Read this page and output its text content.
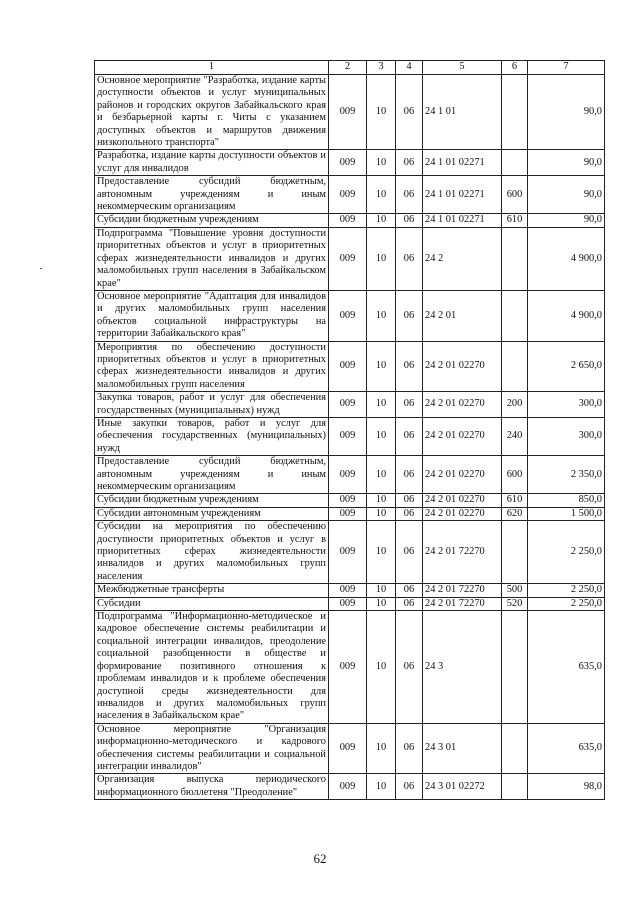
1	2	3	4	5	6	7
Основное мероприятие "Разработка, издание карты доступности объектов и услуг муниципальных районов и городских округов Забайкальского края и безбарьерной карты г. Читы с указанием доступных объектов и маршрутов движения низкопольного транспорта"	009	10	06	24 1 01		90,0
Разработка, издание карты доступности объектов и услуг для инвалидов	009	10	06	24 1 01 02271		90,0
Предоставление субсидий бюджетным, автономным учреждениям и иным некоммерческим организациям	009	10	06	24 1 01 02271	600	90,0
Субсидии бюджетным учреждениям	009	10	06	24 1 01 02271	610	90,0
Подпрограмма "Повышение уровня доступности приоритетных объектов и услуг в приоритетных сферах жизнедеятельности инвалидов и других маломобильных групп населения в Забайкальском крае"	009	10	06	24 2		4 900,0
Основное мероприятие "Адаптация для инвалидов и других маломобильных групп населения объектов социальной инфраструктуры на территории Забайкальского края"	009	10	06	24 2 01		4 900,0
Мероприятия по обеспечению доступности приоритетных объектов и услуг в приоритетных сферах жизнедеятельности инвалидов и других маломобильных групп населения	009	10	06	24 2 01 02270		2 650,0
Закупка товаров, работ и услуг для обеспечения государственных (муниципальных) нужд	009	10	06	24 2 01 02270	200	300,0
Иные закупки товаров, работ и услуг для обеспечения государственных (муниципальных) нужд	009	10	06	24 2 01 02270	240	300,0
Предоставление субсидий бюджетным, автономным учреждениям и иным некоммерческим организациям	009	10	06	24 2 01 02270	600	2 350,0
Субсидии бюджетным учреждениям	009	10	06	24 2 01 02270	610	850,0
Субсидии автономным учреждениям	009	10	06	24 2 01 02270	620	1 500,0
Субсидии на мероприятия по обеспечению доступности приоритетных объектов и услуг в приоритетных сферах жизнедеятельности инвалидов и других маломобильных групп населения	009	10	06	24 2 01 72270		2 250,0
Межбюджетные трансферты	009	10	06	24 2 01 72270	500	2 250,0
Субсидии	009	10	06	24 2 01 72270	520	2 250,0
Подпрограмма "Информационно-методическое и кадровое обеспечение системы реабилитации и социальной интеграции инвалидов, преодоление социальной разобщенности в обществе и формирование позитивного отношения к проблемам инвалидов и к проблеме обеспечения доступной среды жизнедеятельности для инвалидов и других маломобильных групп населения в Забайкальском крае"	009	10	06	24 3		635,0
Основное мероприятие "Организация информационно-методического и кадрового обеспечения системы реабилитации и социальной интеграции инвалидов"	009	10	06	24 3 01		635,0
Организация выпуска периодического информационного бюллетеня "Преодоление"	009	10	06	24 3 01 02272		98,0
62
